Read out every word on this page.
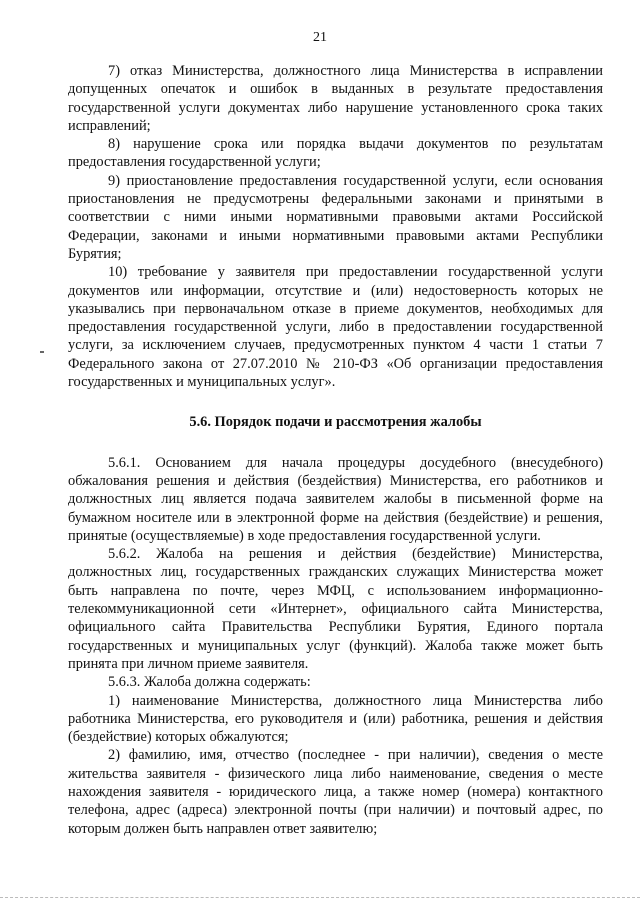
21

7) отказ Министерства, должностного лица Министерства в исправлении допущенных опечаток и ошибок в выданных в результате предоставления государственной услуги документах либо нарушение установленного срока таких исправлений;

8) нарушение срока или порядка выдачи документов по результатам предоставления государственной услуги;

9) приостановление предоставления государственной услуги, если основания приостановления не предусмотрены федеральными законами и принятыми в соответствии с ними иными нормативными правовыми актами Российской Федерации, законами и иными нормативными правовыми актами Республики Бурятия;

10) требование у заявителя при предоставлении государственной услуги документов или информации, отсутствие и (или) недостоверность которых не указывались при первоначальном отказе в приеме документов, необходимых для предоставления государственной услуги, либо в предоставлении государственной услуги, за исключением случаев, предусмотренных пунктом 4 части 1 статьи 7 Федерального закона от 27.07.2010 № 210-ФЗ «Об организации предоставления государственных и муниципальных услуг».

5.6. Порядок подачи и рассмотрения жалобы

5.6.1. Основанием для начала процедуры досудебного (внесудебного) обжалования решения и действия (бездействия) Министерства, его работников и должностных лиц является подача заявителем жалобы в письменной форме на бумажном носителе или в электронной форме на действия (бездействие) и решения, принятые (осуществляемые) в ходе предоставления государственной услуги.

5.6.2. Жалоба на решения и действия (бездействие) Министерства, должностных лиц, государственных гражданских служащих Министерства может быть направлена по почте, через МФЦ, с использованием информационно-телекоммуникационной сети «Интернет», официального сайта Министерства, официального сайта Правительства Республики Бурятия, Единого портала государственных и муниципальных услуг (функций). Жалоба также может быть принята при личном приеме заявителя.

5.6.3. Жалоба должна содержать:

1) наименование Министерства, должностного лица Министерства либо работника Министерства, его руководителя и (или) работника, решения и действия (бездействие) которых обжалуются;

2) фамилию, имя, отчество (последнее - при наличии), сведения о месте жительства заявителя - физического лица либо наименование, сведения о месте нахождения заявителя - юридического лица, а также номер (номера) контактного телефона, адрес (адреса) электронной почты (при наличии) и почтовый адрес, по которым должен быть направлен ответ заявителю;
